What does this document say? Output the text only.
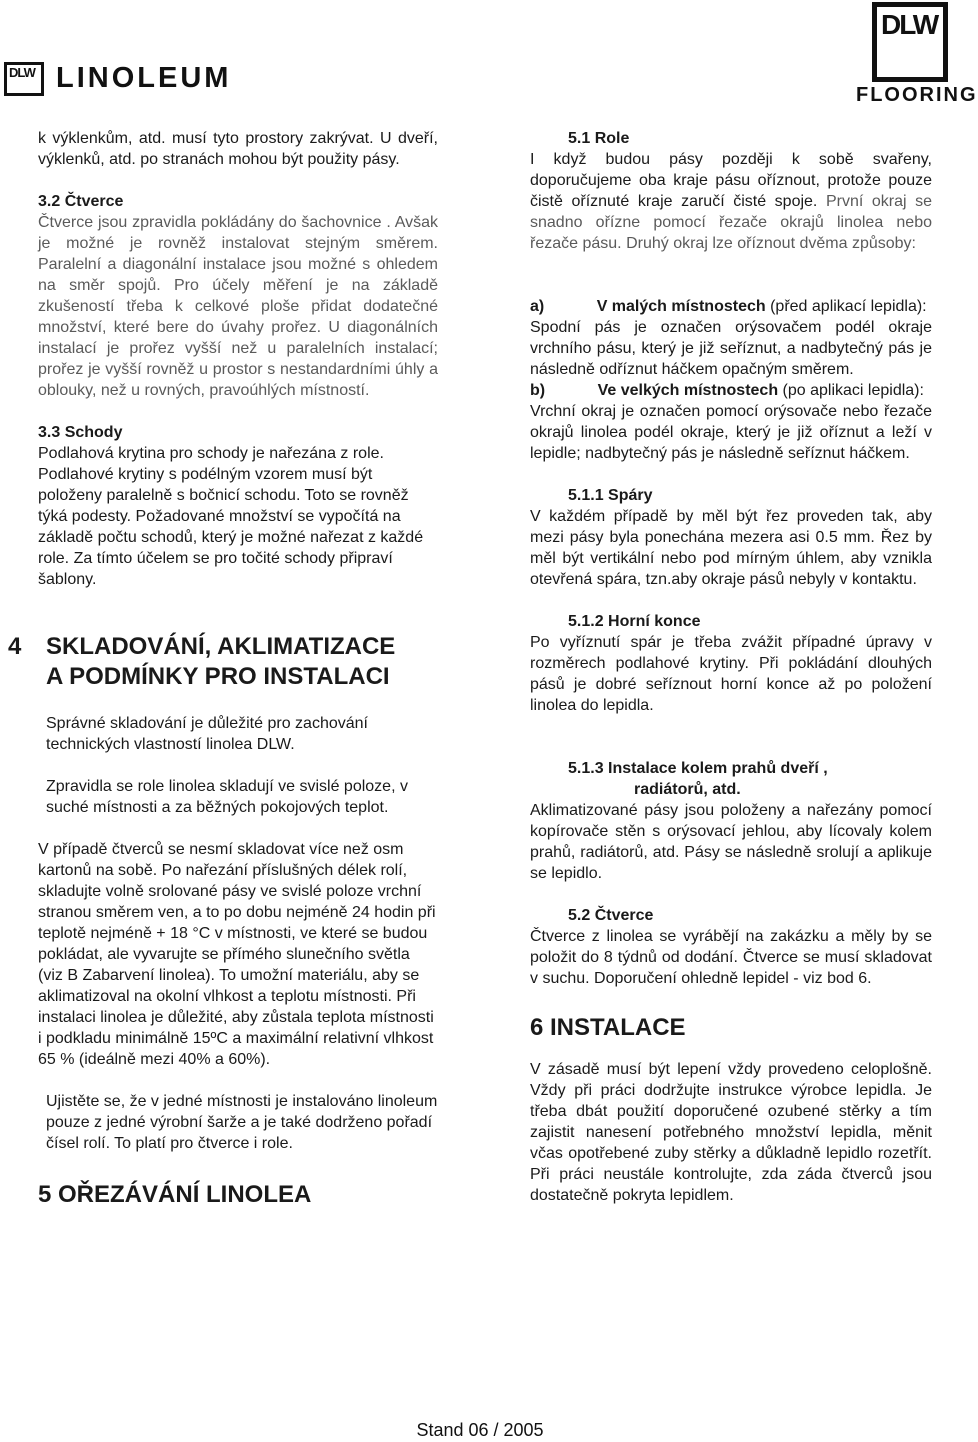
DLW LINOLEUM
DLW
FLOORING

k výklenkům, atd. musí tyto prostory zakrývat. U dveří, výklenků, atd. po stranách mohou být použity pásy.

3.2 Čtverce

Čtverce jsou zpravidla pokládány do šachovnice . Avšak je možné je rovněž instalovat stejným směrem. Paralelní a diagonální instalace jsou možné s ohledem na směr spojů. Pro účely měření je na základě zkušeností třeba k celkové ploše přidat dodatečné množství, které bere do úvahy prořez. U diagonálních instalací je prořez vyšší než u paralelních instalací; prořez je vyšší rovněž u prostor s nestandardními úhly a oblouky, než u rovných, pravoúhlých místností.

3.3 Schody

Podlahová krytina pro schody je nařezána z role. Podlahové krytiny s podélným vzorem musí být položeny paralelně s bočnicí schodu. Toto se rovněž týká podesty. Požadované množství se vypočítá na základě počtu schodů, který je možné nařezat z každé role. Za tímto účelem se pro točité schody připraví šablony.

4 SKLADOVÁNÍ, AKLIMATIZACE
A PODMÍNKY PRO INSTALACI

Správné skladování je důležité pro zachování technických vlastností linolea DLW.

Zpravidla se role linolea skladují ve svislé poloze, v suché místnosti a za běžných pokojových teplot.

V případě čtverců se nesmí skladovat více než osm kartonů na sobě. Po nařezání příslušných délek rolí, skladujte volně srolované pásy ve svislé poloze vrchní stranou směrem ven, a to po dobu nejméně 24 hodin při teplotě nejméně + 18 °C v místnosti, ve které se budou pokládat, ale vyvarujte se přímého slunečního světla (viz B Zabarvení linolea). To umožní materiálu, aby se aklimatizoval na okolní vlhkost a teplotu místnosti. Při instalaci linolea je důležité, aby zůstala teplota místnosti i podkladu minimálně 15ºC a maximální relativní vlhkost 65 % (ideálně mezi 40% a 60%).

Ujistěte se, že v jedné místnosti je instalováno linoleum pouze z jedné výrobní šarže a je také dodrženo pořadí čísel rolí. To platí pro čtverce i role.

5 OŘEZÁVÁNÍ LINOLEA

5.1 Role

I když budou pásy později k sobě svařeny, doporučujeme oba kraje pásu oříznout, protože pouze čistě oříznuté kraje zaručí čisté spoje. První okraj se snadno ořízne pomocí řezače okrajů linolea nebo řezače pásu. Druhý okraj lze oříznout dvěma způsoby:

a)	V malých místnostech (před aplikací lepidla):

Spodní pás je označen orýsovačem podél okraje vrchního pásu, který je již seříznut, a nadbytečný pás je následně odříznut háčkem opačným směrem.

b)	Ve velkých místnostech (po aplikaci lepidla):

Vrchní okraj je označen pomocí orýsovače nebo řezače okrajů linolea podél okraje, který je již oříznut a leží v lepidle; nadbytečný pás je následně seříznut háčkem.

5.1.1 Spáry

V každém případě by měl být řez proveden tak, aby mezi pásy byla ponechána mezera asi 0.5 mm. Řez by měl být vertikální nebo pod mírným úhlem, aby vznikla otevřená spára, tzn.aby okraje pásů nebyly v kontaktu.

5.1.2 Horní konce

Po vyříznutí spár je třeba zvážit případné úpravy v rozměrech podlahové krytiny. Při pokládání dlouhých pásů je dobré seříznout horní konce až po položení linolea do lepidla.

5.1.3 Instalace kolem prahů dveří ,

radiátorů, atd.

Aklimatizované pásy jsou položeny a nařezány pomocí kopírovače stěn s orýsovací jehlou, aby lícovaly kolem prahů, radiátorů, atd. Pásy se následně srolují a aplikuje se lepidlo.

5.2 Čtverce

Čtverce z linolea se vyrábějí na zakázku a měly by se položit do 8 týdnů od dodání. Čtverce se musí skladovat v suchu. Doporučení ohledně lepidel - viz bod 6.

6 INSTALACE

V zásadě musí být lepení vždy provedeno celoplošně. Vždy při práci dodržujte instrukce výrobce lepidla. Je třeba dbát použití doporučené ozubené stěrky a tím zajistit nanesení potřebného množství lepidla, měnit včas opotřebené zuby stěrky a důkladně lepidlo rozetřít. Při práci neustále kontrolujte, zda záda čtverců jsou dostatečně pokryta lepidlem.

Stand 06 / 2005
